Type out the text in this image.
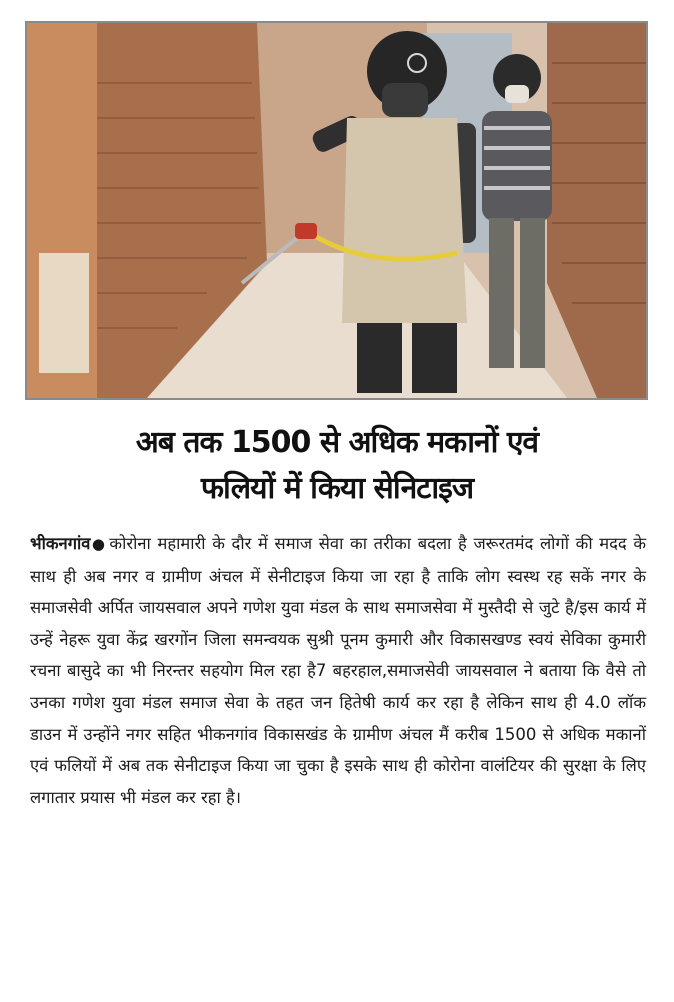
अब तक 1500 से अधिक मकानों एवं
फलियों में किया सेनिटाइज

भीकनगांव● कोरोना महामारी के दौर में समाज सेवा का तरीका बदला है जरूरतमंद लोगों की मदद के साथ ही अब नगर व ग्रामीण अंचल में सेनीटाइज किया जा रहा है ताकि लोग स्वस्थ रह सकें नगर के समाजसेवी अर्पित जायसवाल अपने गणेश युवा मंडल के साथ समाजसेवा में मुस्तैदी से जुटे है/इस कार्य में उन्हें नेहरू युवा केंद्र खरगोंन जिला समन्वयक सुश्री पूनम कुमारी और विकासखण्ड स्वयं सेविका कुमारी रचना बासुदे का भी निरन्तर सहयोग मिल रहा है7 बहरहाल,समाजसेवी जायसवाल ने बताया कि वैसे तो उनका गणेश युवा मंडल समाज सेवा के तहत जन हितेषी कार्य कर रहा है लेकिन साथ ही 4.0 लॉक डाउन में उन्होंने नगर सहित भीकनगांव विकासखंड के ग्रामीण अंचल मैं करीब 1500 से अधिक मकानों एवं फलियों में अब तक सेनीटाइज किया जा चुका है इसके साथ ही कोरोना वालंटियर की सुरक्षा के लिए लगातार प्रयास भी मंडल कर रहा है।
